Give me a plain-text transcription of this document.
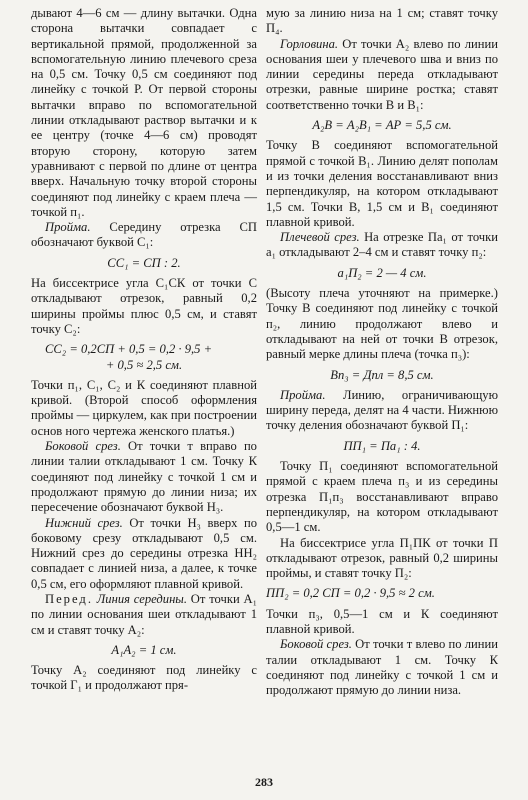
дывают 4—6 см — длину вытачки. Одна сторона вытачки совпадает с вертикальной прямой, продолженной за вспомогательную линию плечевого среза на 0,5 см. Точку 0,5 см соединяют под линейку с точкой Р. От первой стороны вытачки вправо по вспомогательной линии откладывают раствор вытачки и к ее центру (точке 4—6 см) проводят вторую сторону, которую затем уравнивают с первой по длине от центра вверх. Начальную точку второй стороны соединяют под линейку с краем плеча — точкой п₁.

Пройма. Середину отрезка СП обозначают буквой С₁:

СС₁ = СП : 2.

На биссектрисе угла С₁СК от точки С откладывают отрезок, равный 0,2 ширины проймы плюс 0,5 см, и ставят точку С₂:

СС₂ = 0,2СП + 0,5 = 0,2 · 9,5 +

+ 0,5 ≈ 2,5 см.

Точки п₁, С₁, С₂ и К соединяют плавной кривой. (Второй способ оформления проймы — циркулем, как при построении основ ного чертежа женского платья.)

Боковой срез. От точки т вправо по линии талии откладывают 1 см. Точку К соединяют под линейку с точкой 1 см и продолжают прямую до линии низа; их пересечение обозначают буквой Н₃.

Нижний срез. От точки Н₃ вверх по боковому срезу откладывают 0,5 см. Нижний срез до середины отрезка НН₂ совпадает с линией низа, а далее, к точке 0,5 см, его оформляют плавной кривой.

Перед. Линия середины. От точки А₁ по линии основания шеи откладывают 1 см и ставят точку А₂:

А₁А₂ = 1 см.

Точку А₂ соединяют под линейку с точкой Г₁ и продолжают пря-

мую за линию низа на 1 см; ставят точку П₄.

Горловина. От точки А₂ влево по линии основания шеи у плечевого шва и вниз по линии середины переда откладывают отрезки, равные ширине ростка; ставят соответственно точки В и В₁:

А₂В = А₂В₁ = АР = 5,5 см.

Точку В соединяют вспомогательной прямой с точкой В₁. Линию делят пополам и из точки деления восстанавливают вниз перпендикуляр, на котором откладывают 1,5 см. Точки В, 1,5 см и В₁ соединяют плавной кривой.

Плечевой срез. На отрезке Па₁ от точки а₁ откладывают 2–4 см и ставят точку п₂:

а₁П₂ = 2 — 4 см.

(Высоту плеча уточняют на примерке.) Точку В соединяют под линейку с точкой п₂, линию продолжают влево и откладывают на ней от точки В отрезок, равный мерке длины плеча (точка п₃):

Вп₃ = Дпл = 8,5 см.

Пройма. Линию, ограничивающую ширину переда, делят на 4 части. Нижнюю точку деления обозначают буквой П₁:

ПП₁ = Па₁ : 4.

Точку П₁ соединяют вспомогательной прямой с краем плеча п₃ и из середины отрезка П₁п₃ восстанавливают вправо перпендикуляр, на котором откладывают 0,5—1 см.

На биссектрисе угла П₁ПК от точки П откладывают отрезок, равный 0,2 ширины проймы, и ставят точку П₂:

ПП₂ = 0,2 СП = 0,2 · 9,5 ≈ 2 см.

Точки п₃, 0,5—1 см и К соединяют плавной кривой.

Боковой срез. От точки т влево по линии талии откладывают 1 см. Точку К соединяют под линейку с точкой 1 см и продолжают прямую до линии низа.

283
